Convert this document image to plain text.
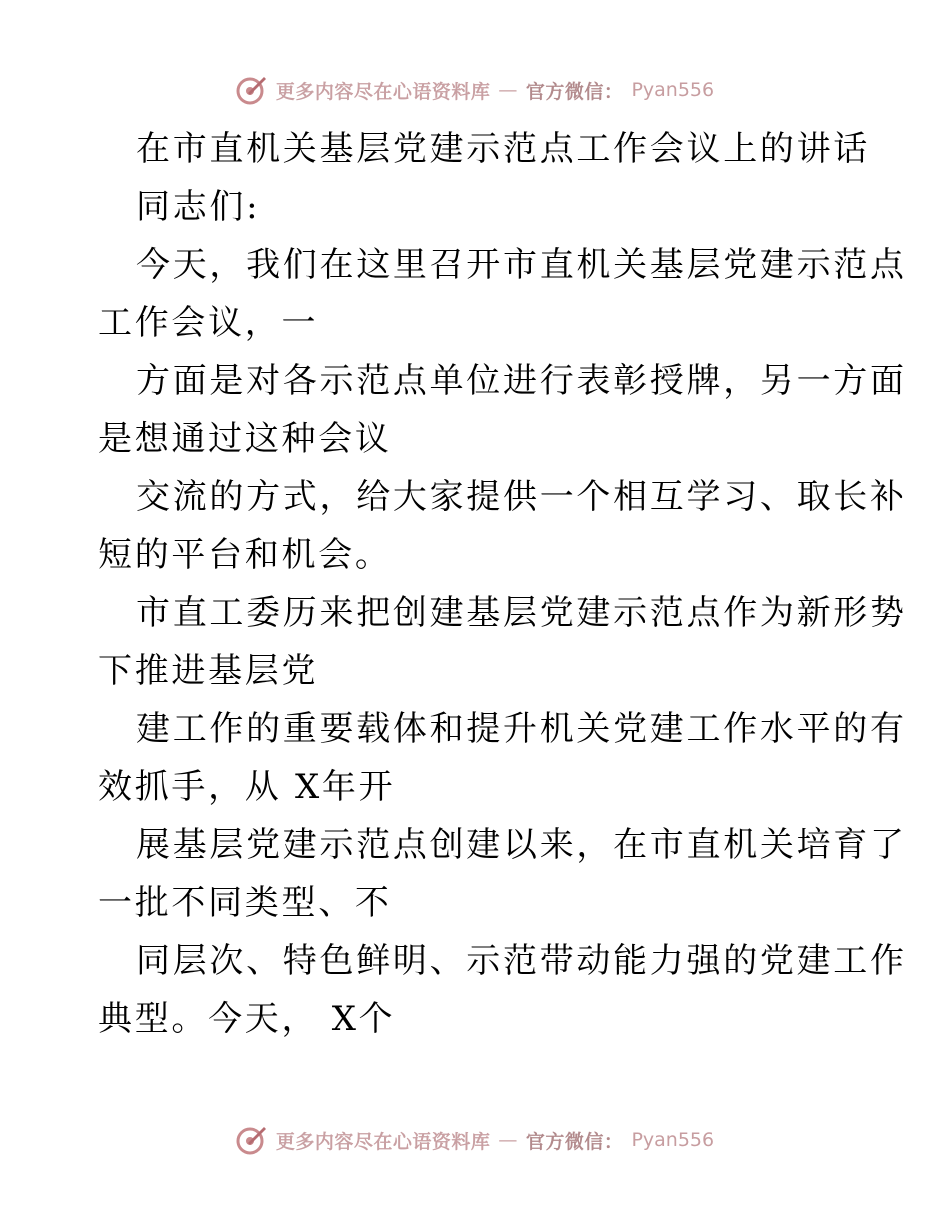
更多内容尽在心语资料库 — 官方微信： Pyan556
在市直机关基层党建示范点工作会议上的讲话
同志们:
今天，我们在这里召开市直机关基层党建示范点
工作会议，一
方面是对各示范点单位进行表彰授牌，另一方面
是想通过这种会议
交流的方式，给大家提供一个相互学习、取长补
短的平台和机会。
市直工委历来把创建基层党建示范点作为新形势
下推进基层党
建工作的重要载体和提升机关党建工作水平的有
效抓手，从 X年开
展基层党建示范点创建以来，在市直机关培育了
一批不同类型、不
同层次、特色鲜明、示范带动能力强的党建工作
典型。今天， X个
更多内容尽在心语资料库 — 官方微信： Pyan556
